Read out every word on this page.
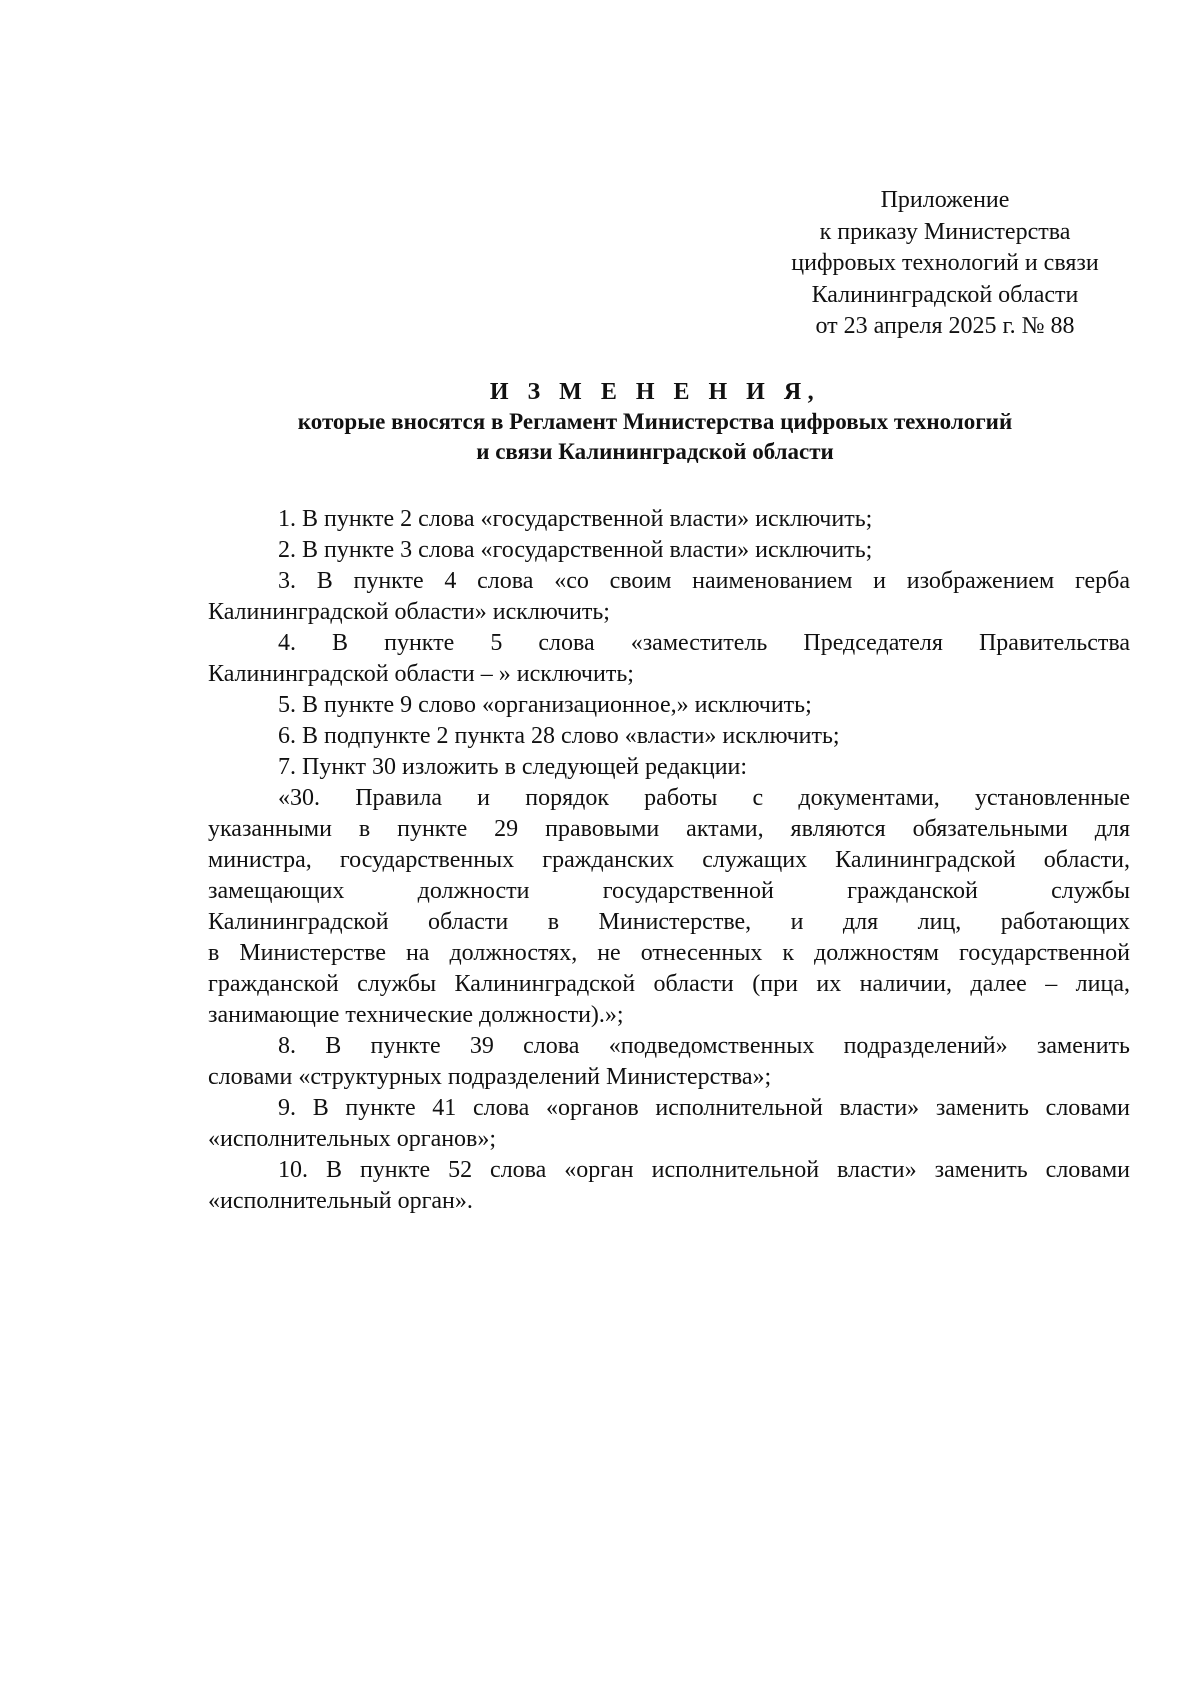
Приложение
к приказу Министерства
цифровых технологий и связи
Калининградской области
от 23 апреля 2025 г. № 88
И З М Е Н Е Н И Я,
которые вносятся в Регламент Министерства цифровых технологий
и связи Калининградской области
1. В пункте 2 слова «государственной власти» исключить;
2. В пункте 3 слова «государственной власти» исключить;
3. В пункте 4 слова «со своим наименованием и изображением герба
Калининградской области» исключить;
4. В пункте 5 слова «заместитель Председателя Правительства
Калининградской области – » исключить;
5. В пункте 9 слово «организационное,» исключить;
6. В подпункте 2 пункта 28 слово «власти» исключить;
7. Пункт 30 изложить в следующей редакции:
«30. Правила и порядок работы с документами, установленные
указанными в пункте 29 правовыми актами, являются обязательными для
министра, государственных гражданских служащих Калининградской области,
замещающих должности государственной гражданской службы
Калининградской области в Министерстве, и для лиц, работающих
в Министерстве на должностях, не отнесенных к должностям государственной
гражданской службы Калининградской области (при их наличии, далее – лица,
занимающие технические должности).»;
8. В пункте 39 слова «подведомственных подразделений» заменить
словами «структурных подразделений Министерства»;
9. В пункте 41 слова «органов исполнительной власти» заменить словами
«исполнительных органов»;
10. В пункте 52 слова «орган исполнительной власти» заменить словами
«исполнительный орган».
